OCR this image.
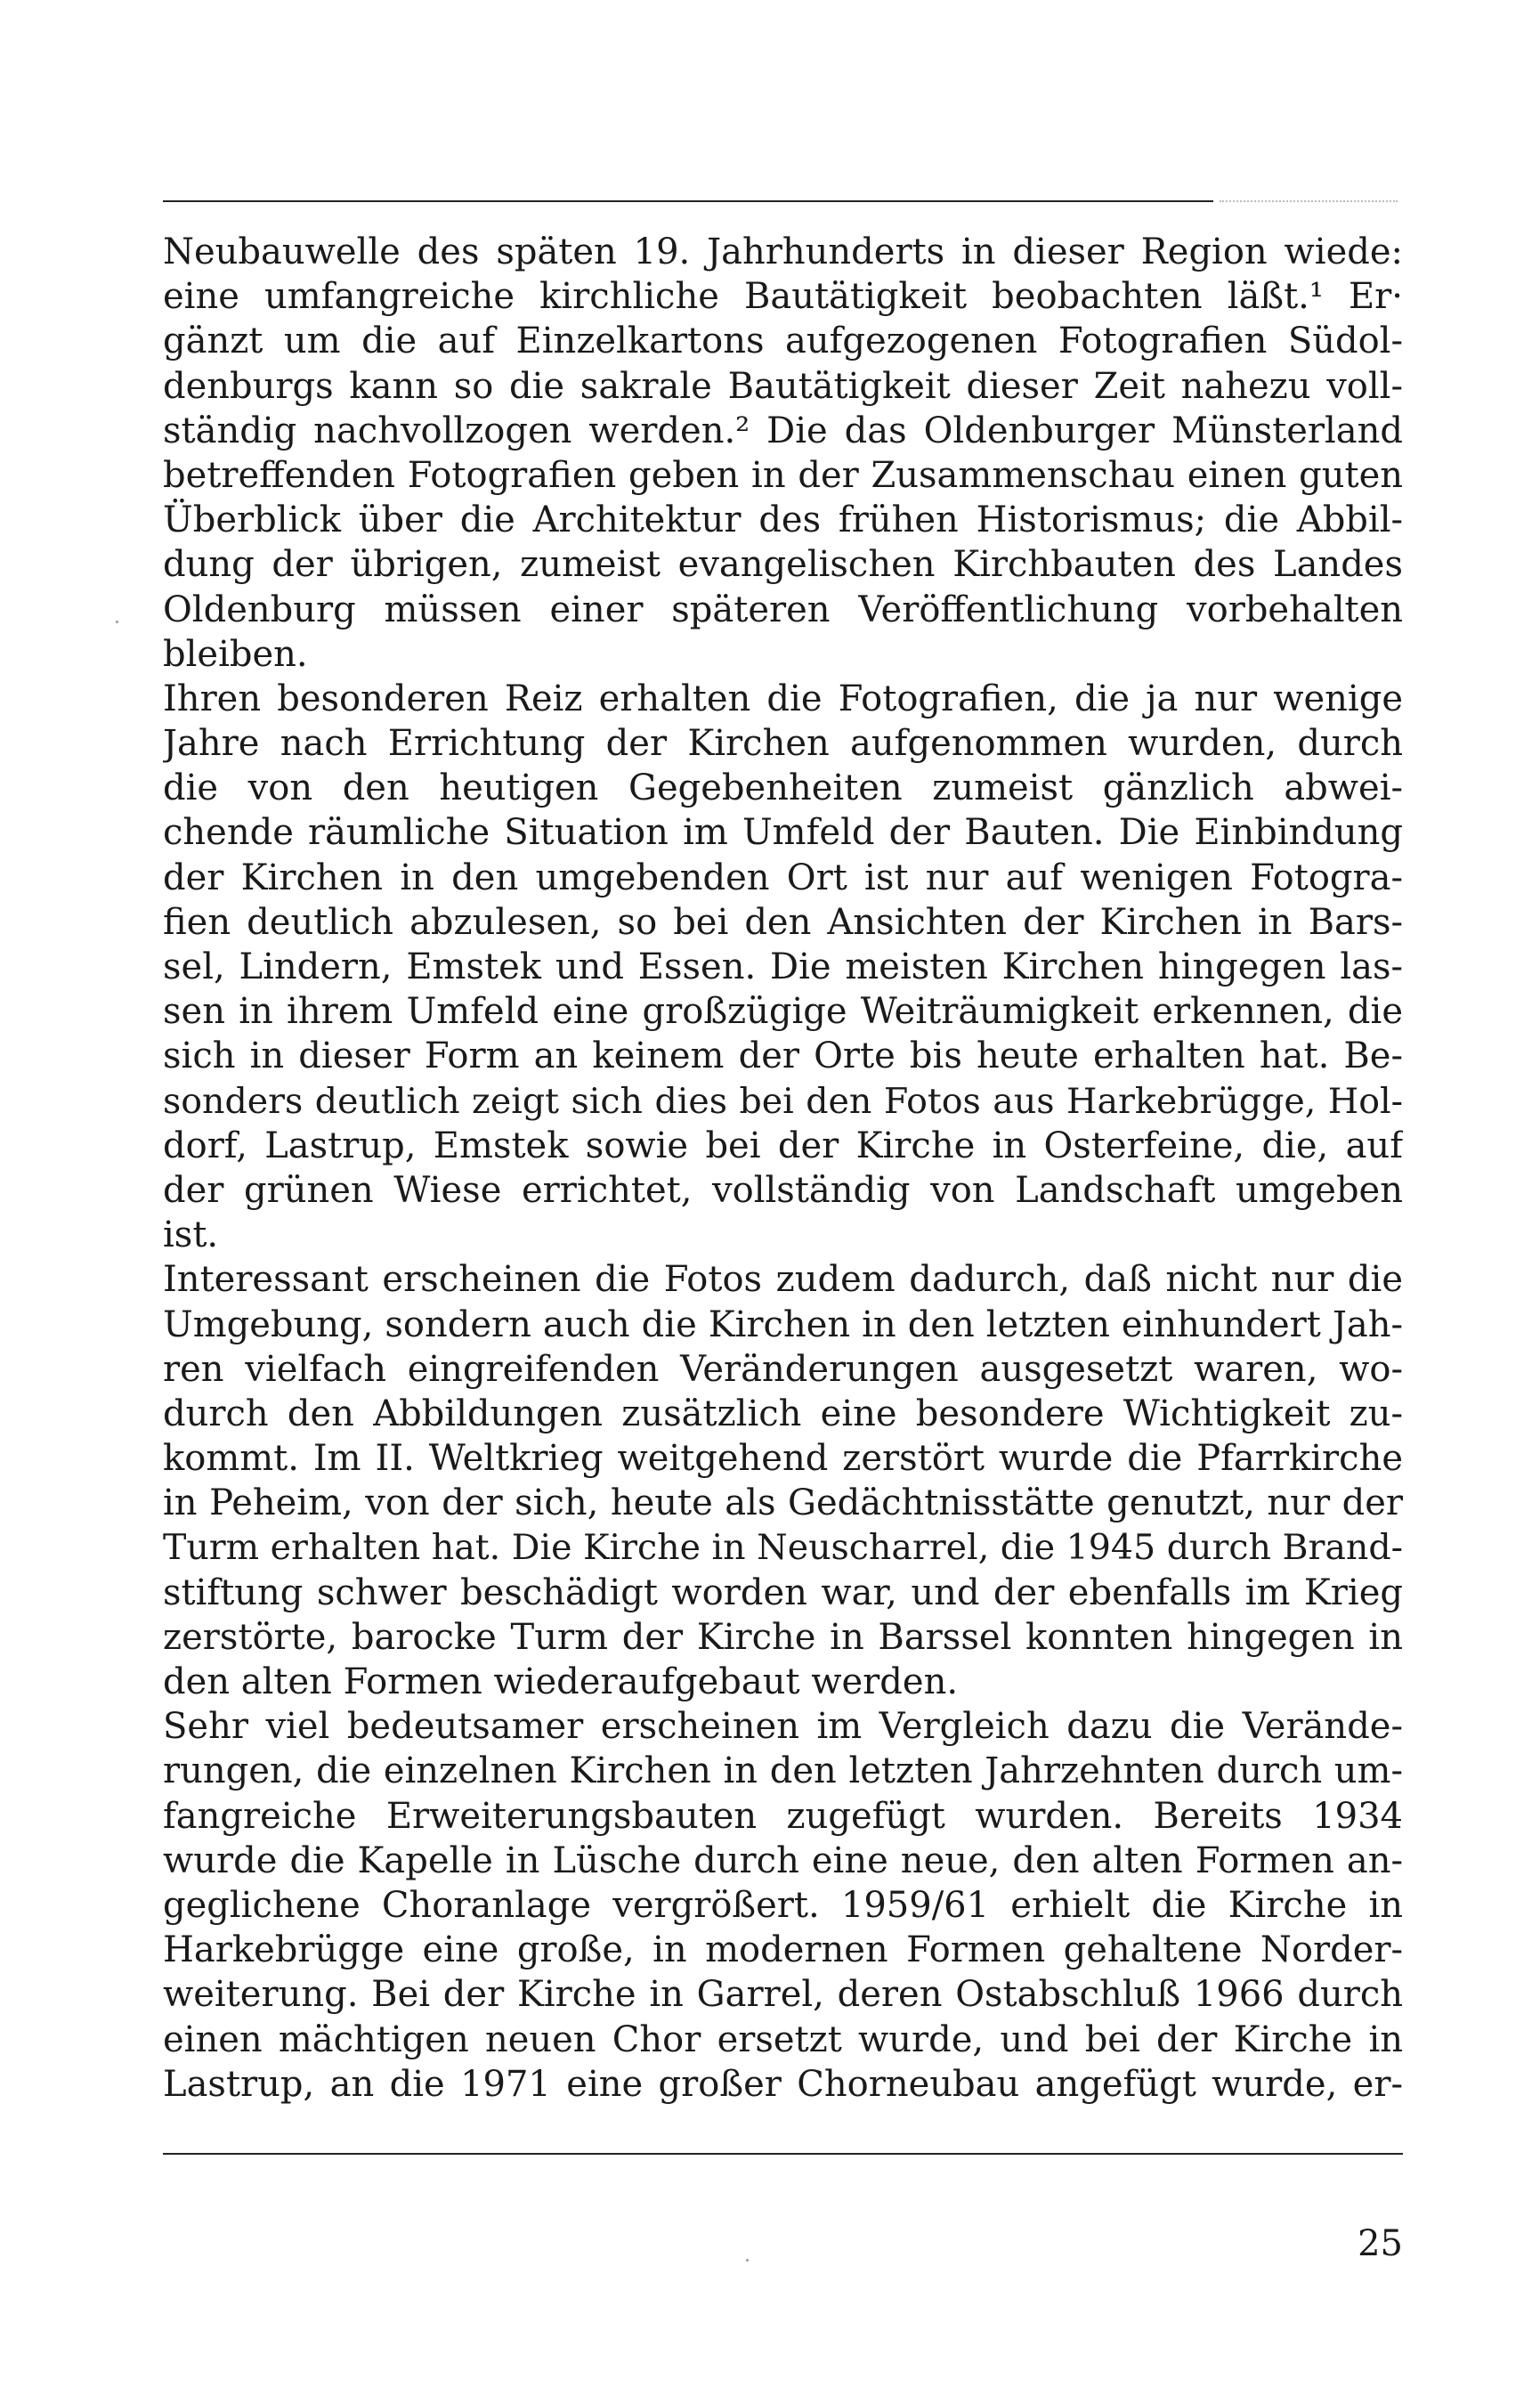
Neubauwelle des späten 19. Jahrhunderts in dieser Region wiede:
eine umfangreiche kirchliche Bautätigkeit beobachten läßt.¹ Er·
gänzt um die auf Einzelkartons aufgezogenen Fotografien Südol-
denburgs kann so die sakrale Bautätigkeit dieser Zeit nahezu voll-
ständig nachvollzogen werden.² Die das Oldenburger Münsterland
betreffenden Fotografien geben in der Zusammenschau einen guten
Überblick über die Architektur des frühen Historismus; die Abbil-
dung der übrigen, zumeist evangelischen Kirchbauten des Landes
Oldenburg müssen einer späteren Veröffentlichung vorbehalten
bleiben.
Ihren besonderen Reiz erhalten die Fotografien, die ja nur wenige
Jahre nach Errichtung der Kirchen aufgenommen wurden, durch
die von den heutigen Gegebenheiten zumeist gänzlich abwei-
chende räumliche Situation im Umfeld der Bauten. Die Einbindung
der Kirchen in den umgebenden Ort ist nur auf wenigen Fotogra-
fien deutlich abzulesen, so bei den Ansichten der Kirchen in Bars-
sel, Lindern, Emstek und Essen. Die meisten Kirchen hingegen las-
sen in ihrem Umfeld eine großzügige Weiträumigkeit erkennen, die
sich in dieser Form an keinem der Orte bis heute erhalten hat. Be-
sonders deutlich zeigt sich dies bei den Fotos aus Harkebrügge, Hol-
dorf, Lastrup, Emstek sowie bei der Kirche in Osterfeine, die, auf
der grünen Wiese errichtet, vollständig von Landschaft umgeben
ist.
Interessant erscheinen die Fotos zudem dadurch, daß nicht nur die
Umgebung, sondern auch die Kirchen in den letzten einhundert Jah-
ren vielfach eingreifenden Veränderungen ausgesetzt waren, wo-
durch den Abbildungen zusätzlich eine besondere Wichtigkeit zu-
kommt. Im II. Weltkrieg weitgehend zerstört wurde die Pfarrkirche
in Peheim, von der sich, heute als Gedächtnisstätte genutzt, nur der
Turm erhalten hat. Die Kirche in Neuscharrel, die 1945 durch Brand-
stiftung schwer beschädigt worden war, und der ebenfalls im Krieg
zerstörte, barocke Turm der Kirche in Barssel konnten hingegen in
den alten Formen wiederaufgebaut werden.
Sehr viel bedeutsamer erscheinen im Vergleich dazu die Verände-
rungen, die einzelnen Kirchen in den letzten Jahrzehnten durch um-
fangreiche Erweiterungsbauten zugefügt wurden. Bereits 1934
wurde die Kapelle in Lüsche durch eine neue, den alten Formen an-
geglichene Choranlage vergrößert. 1959/61 erhielt die Kirche in
Harkebrügge eine große, in modernen Formen gehaltene Norder-
weiterung. Bei der Kirche in Garrel, deren Ostabschluß 1966 durch
einen mächtigen neuen Chor ersetzt wurde, und bei der Kirche in
Lastrup, an die 1971 eine großer Chorneubau angefügt wurde, er-
25
